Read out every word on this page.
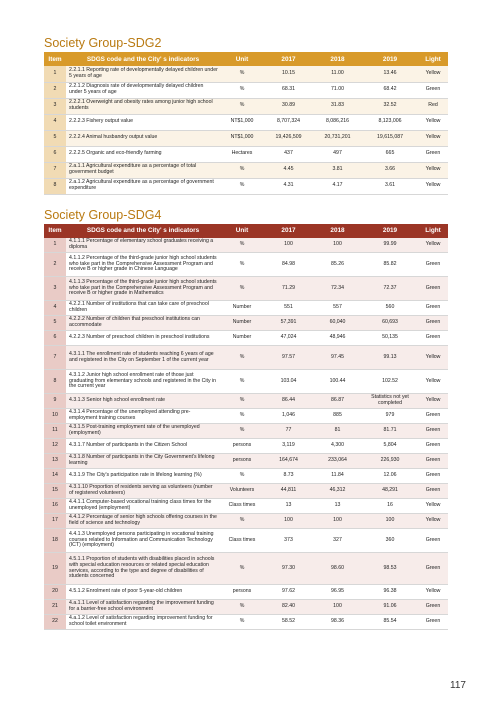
Society Group-SDG2
Item	SDGS code and the City' s indicators	Unit	2017	2018	2019	Light
1	2.2.1.1 Reporting rate of developmentally delayed children under 5 years of age	%	10.15	11.00	13.46	Yellow
2	2.2.1.2 Diagnosis rate of developmentally delayed children under 5 years of age	%	68.31	71.00	68.42	Green
3	2.2.2.1 Overweight and obesity rates among junior high school students	%	30.89	31.83	32.52	Red
4	2.2.2.3 Fishery output value	NT$1,000	8,707,324	8,086,216	8,123,006	Yellow
5	2.2.2.4 Animal husbandry output value	NT$1,000	19,426,509	20,731,201	19,615,087	Yellow
6	2.2.2.5 Organic and eco-friendly farming	Hectares	437	497	665	Green
7	2.a.1.1 Agricultural expenditure as a percentage of total government budget	%	4.45	3.81	3.66	Yellow
8	2.a.1.2 Agricultural expenditure as a percentage of government expenditure	%	4.31	4.17	3.61	Yellow
Society Group-SDG4
Item	SDGS code and the City' s indicators	Unit	2017	2018	2019	Light
1	4.1.1.1 Percentage of elementary school graduates receiving a diploma	%	100	100	99.99	Yellow
2	4.1.1.2 Percentage of the third-grade junior high school students who take part in the Comprehensive Assessment Program and receive B or higher grade in Chinese Language	%	84.98	85.26	85.82	Green
3	4.1.1.3 Percentage of the third-grade junior high school students who take part in the Comprehensive Assessment Program and receive B or higher grade in Mathematics	%	71.29	72.34	72.37	Green
4	4.2.2.1 Number of institutions that can take care of preschool children	Number	551	557	560	Green
5	4.2.2.2 Number of children that preschool institutions can accommodate	Number	57,391	60,040	60,693	Green
6	4.2.2.3 Number of preschool children in preschool institutions	Number	47,024	48,946	50,135	Green
7	4.3.1.1 The enrollment rate of students reaching 6 years of age and registered in the City on September 1 of the current year	%	97.57	97.45	99.13	Yellow
8	4.3.1.2 Junior high school enrollment rate of those just graduating from elementary schools and registered in the City in the current year	%	103.04	100.44	102.52	Yellow
9	4.3.1.3 Senior high school enrollment rate	%	86.44	86.87	Statistics not yet completed	Yellow
10	4.3.1.4 Percentage of the unemployed attending pre-employment training courses	%	1,046	885	979	Green
11	4.3.1.5 Post-training employment rate of the unemployed (employment)	%	77	81	81.71	Green
12	4.3.1.7 Number of participants in the Citizen School	persons	3,119	4,300	5,804	Green
13	4.3.1.8 Number of participants in the City Government's lifelong learning	persons	164,674	233,064	226,930	Green
14	4.3.1.9 The City's participation rate in lifelong learning (%)	%	8.73	11.84	12.06	Green
15	4.3.1.10 Proportion of residents serving as volunteers (number of registered volunteers)	Volunteers	44,811	46,312	48,291	Green
16	4.4.1.1 Computer-based vocational training class times for the unemployed (employment)	Class times	13	13	16	Yellow
17	4.4.1.2 Percentage of senior high schools offering courses in the field of science and technology	%	100	100	100	Yellow
18	4.4.1.3 Unemployed persons participating in vocational training courses related to Information and Communication Technology (ICT) (employment)	Class times	373	327	360	Green
19	4.5.1.1 Proportion of students with disabilities placed in schools with special education resources or related special education services, according to the type and degree of disabilities of students concerned	%	97.30	98.60	98.53	Green
20	4.5.1.2 Enrolment rate of poor 5-year-old children	persons	97.62	96.95	96.38	Yellow
21	4.a.1.1 Level of satisfaction regarding the improvement funding for a barrier-free school environment	%	82.40	100	91.06	Green
22	4.a.1.2 Level of satisfaction regarding improvement funding for school toilet environment	%	58.52	98.36	85.54	Green
117
